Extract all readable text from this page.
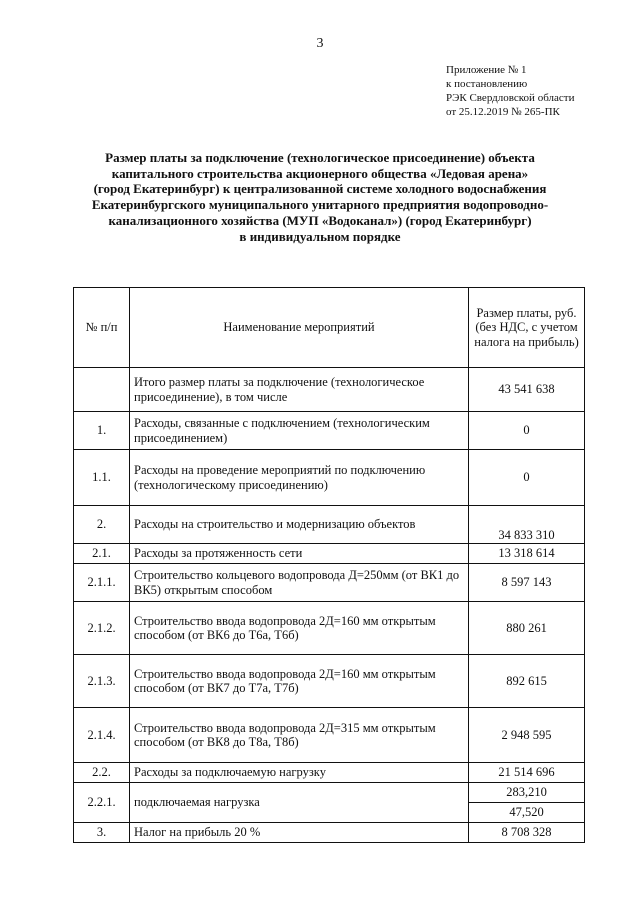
3
Приложение № 1
к постановлению
РЭК Свердловской области
от 25.12.2019 № 265-ПК
Размер платы за подключение (технологическое присоединение) объекта
капитального строительства акционерного общества «Ледовая арена»
(город Екатеринбург) к централизованной системе холодного водоснабжения
Екатеринбургского муниципального унитарного предприятия водопроводно-
канализационного хозяйства (МУП «Водоканал») (город Екатеринбург)
в индивидуальном порядке
№ п/п	Наименование мероприятий	Размер платы, руб. (без НДС, с учетом налога на прибыль)
	Итого размер платы за подключение (технологическое присоединение), в том числе	43 541 638
1.	Расходы, связанные с подключением (технологическим присоединением)	0
1.1.	Расходы на проведение мероприятий по подключению (технологическому присоединению)	0
2.	Расходы на строительство и модернизацию объектов	34 833 310
2.1.	Расходы за протяженность сети	13 318 614
2.1.1.	Строительство кольцевого водопровода Д=250мм (от ВК1 до ВК5) открытым способом	8 597 143
2.1.2.	Строительство ввода водопровода 2Д=160 мм открытым способом (от ВК6 до Т6а, Т6б)	880 261
2.1.3.	Строительство ввода водопровода 2Д=160 мм открытым способом (от ВК7 до Т7а, Т7б)	892 615
2.1.4.	Строительство ввода водопровода 2Д=315 мм открытым способом (от ВК8 до Т8а, Т8б)	2 948 595
2.2.	Расходы за подключаемую нагрузку	21 514 696
2.2.1.	подключаемая нагрузка	283,210
		47,520
3.	Налог на прибыль 20 %	8 708 328
